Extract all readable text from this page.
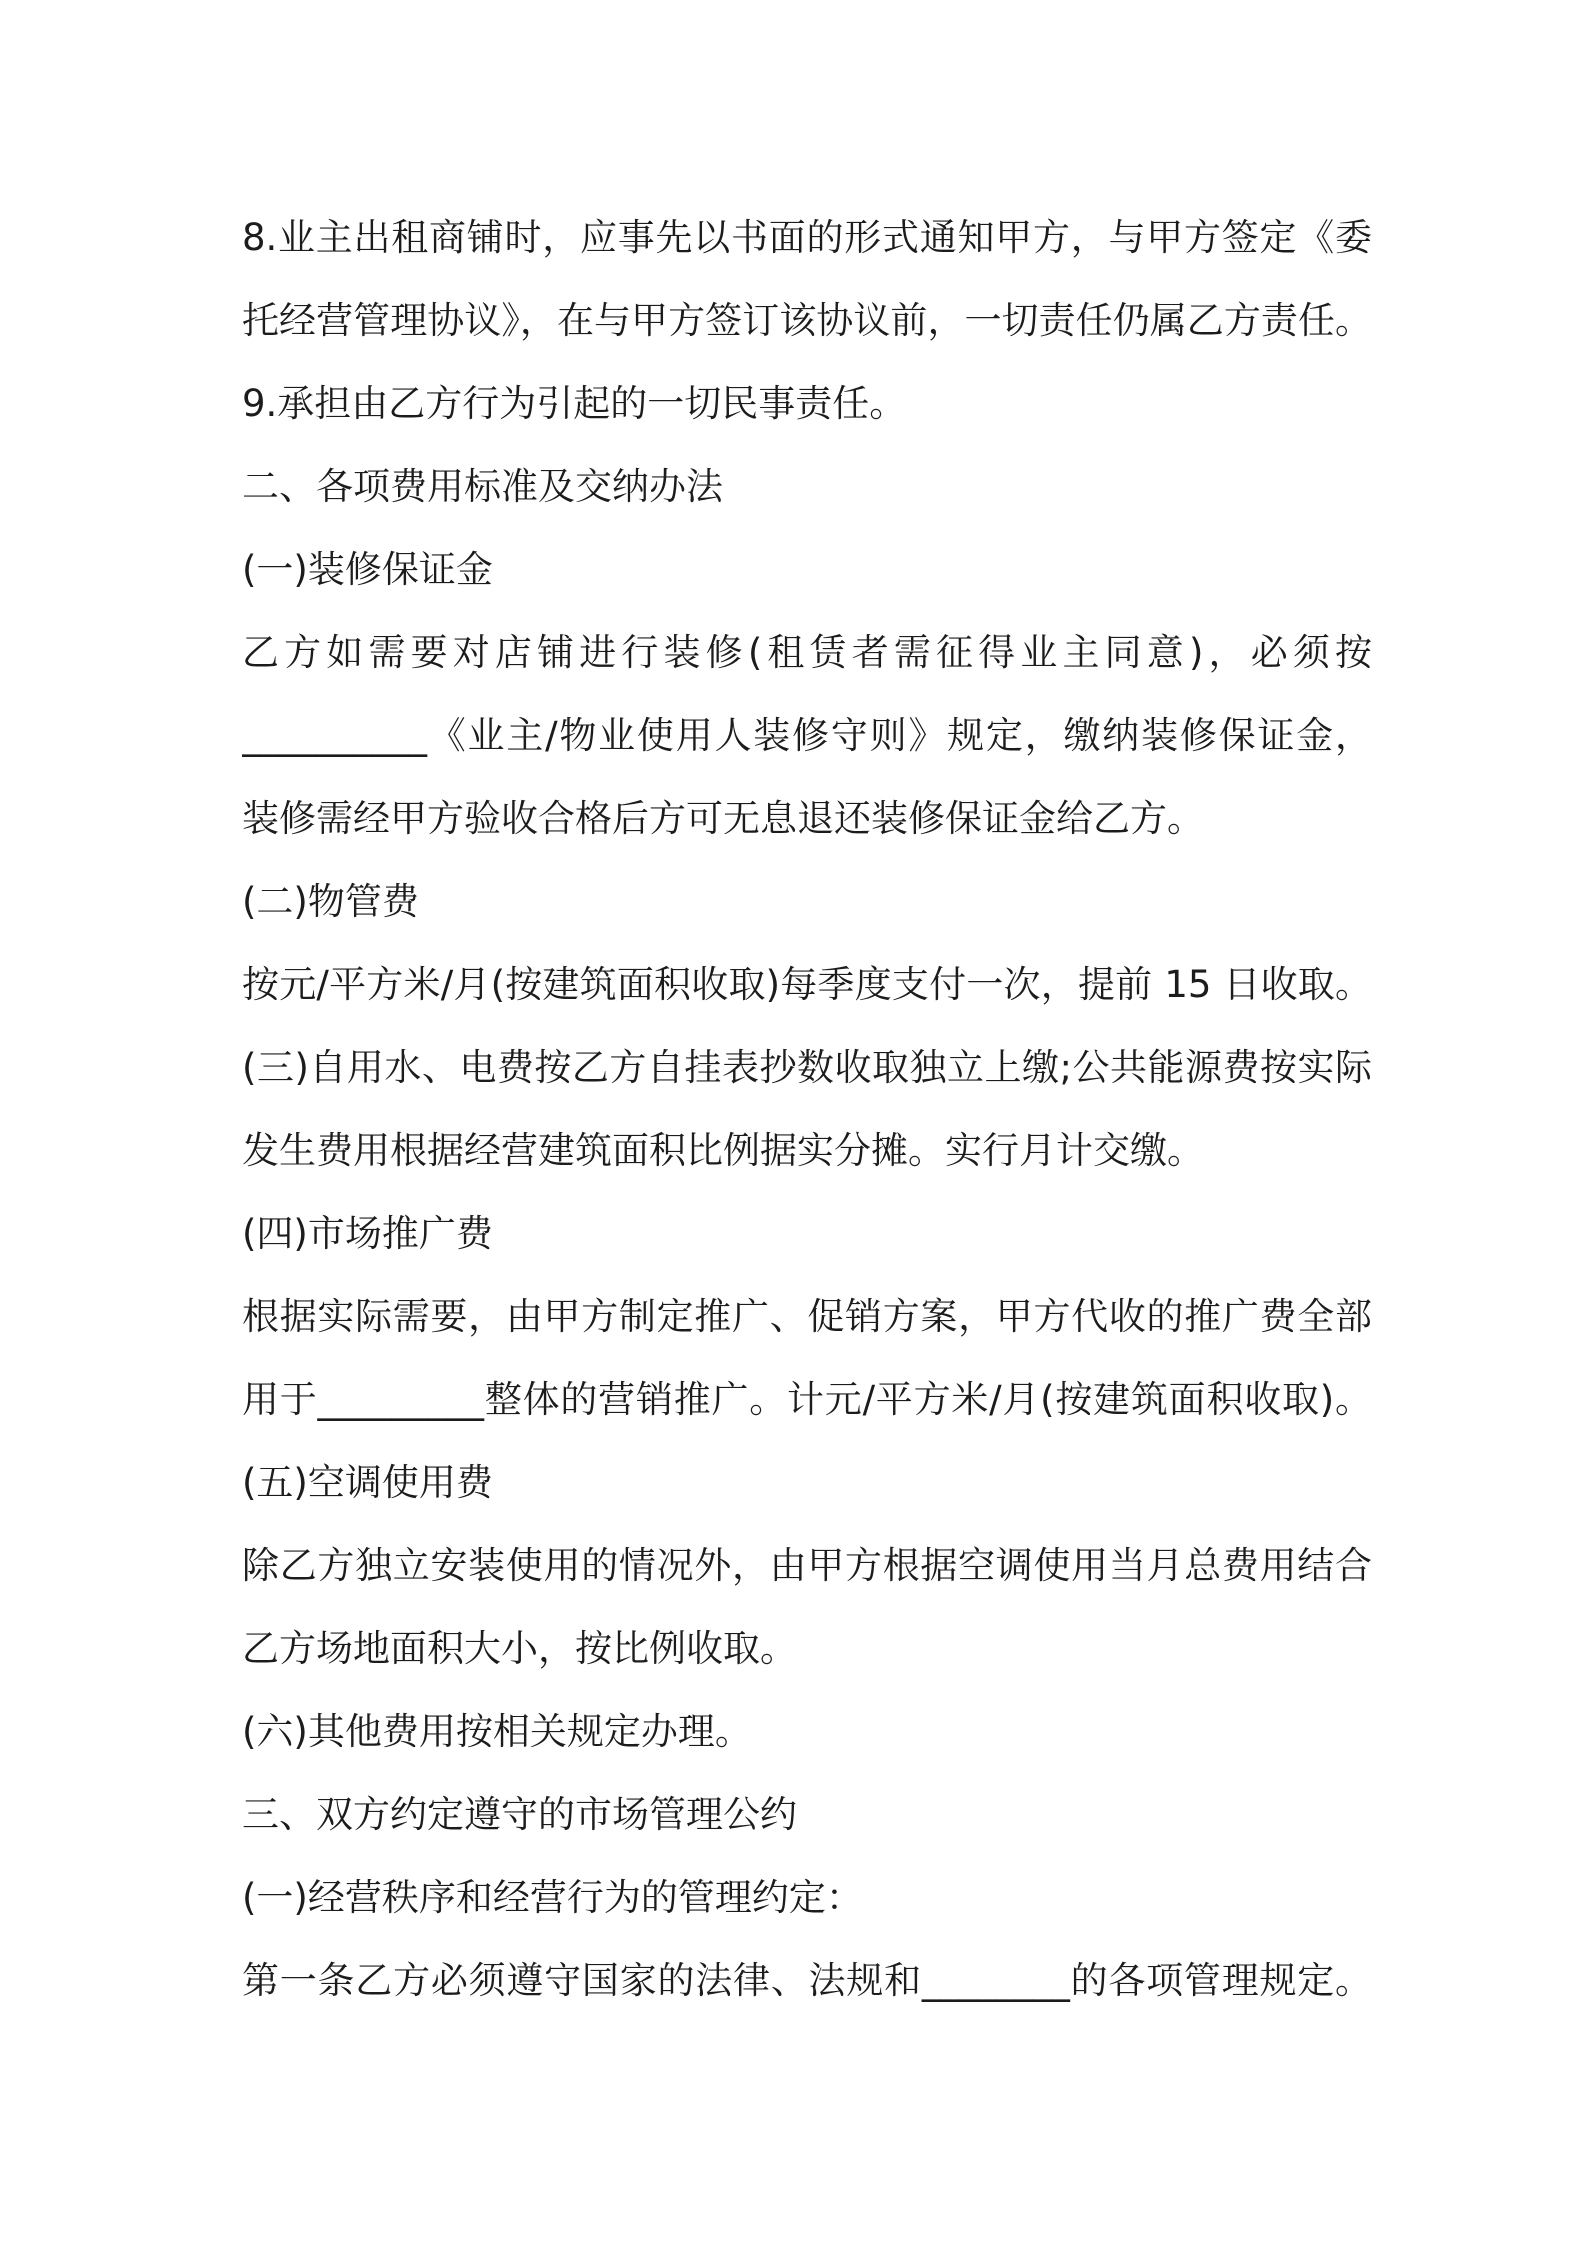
8.业主出租商铺时，应事先以书面的形式通知甲方，与甲方签定《委
托经营管理协议》，在与甲方签订该协议前，一切责任仍属乙方责任。
9.承担由乙方行为引起的一切民事责任。
二、各项费用标准及交纳办法
(一)装修保证金
乙方如需要对店铺进行装修(租赁者需征得业主同意)，必须按
__________《业主/物业使用人装修守则》规定，缴纳装修保证金，
装修需经甲方验收合格后方可无息退还装修保证金给乙方。
(二)物管费
按元/平方米/月(按建筑面积收取)每季度支付一次，提前 15 日收取。
(三)自用水、电费按乙方自挂表抄数收取独立上缴;公共能源费按实际
发生费用根据经营建筑面积比例据实分摊。实行月计交缴。
(四)市场推广费
根据实际需要，由甲方制定推广、促销方案，甲方代收的推广费全部
用于_________整体的营销推广。计元/平方米/月(按建筑面积收取)。
(五)空调使用费
除乙方独立安装使用的情况外，由甲方根据空调使用当月总费用结合
乙方场地面积大小，按比例收取。
(六)其他费用按相关规定办理。
三、双方约定遵守的市场管理公约
(一)经营秩序和经营行为的管理约定：
第一条乙方必须遵守国家的法律、法规和________的各项管理规定。
